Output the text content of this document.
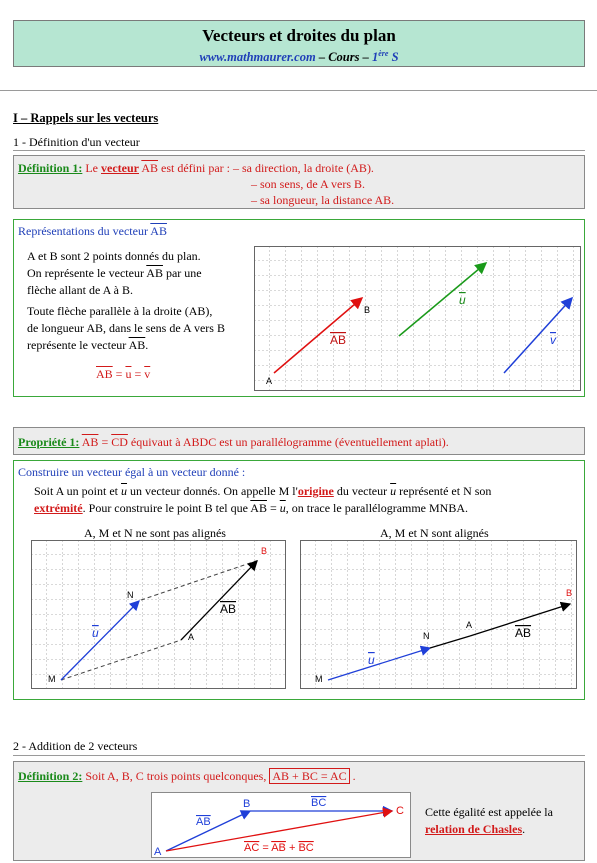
Vecteurs et droites du plan
www.mathmaurer.com – Cours – 1ère S
I – Rappels sur les vecteurs
1 - Définition d'un vecteur
Définition 1: Le vecteur $\overline{AB}$ est défini par : – sa direction, la droite (AB).
– son sens, de A vers B.
– sa longueur, la distance AB.
Représentations du vecteur $\overline{AB}$
A et B sont 2 points donnés du plan.
On représente le vecteur $\overline{AB}$ par une
flèche allant de A à B.
Toute flèche parallèle à la droite (AB),
de longueur AB, dans le sens de A vers B
représente le vecteur $\overline{AB}$.
$\overline{AB} = \overline{u} = \overline{v}$	A
B
AB
u
v
Propriété 1: $\overline{AB} = \overline{CD}$ équivaut à ABDC est un parallélogramme (éventuellement aplati).
Construire un vecteur égal à un vecteur donné :
Soit A un point et $\overline{u}$ un vecteur donnés. On appelle M l'origine du vecteur $\overline{u}$ représenté et N son
extrémité. Pour construire le point B tel que $\overline{AB} = \overline{u}$, on trace le parallélogramme MNBA.
A, M et N ne sont pas alignés	A, M et N sont alignés
M
N
A
B
u
AB
M
N
A
B
u
AB
2 - Addition de 2 vecteurs
Définition 2: Soit A, B, C trois points quelconques, $\overline{AB} + \overline{BC} = \overline{AC}$ .
A
B
C
AB
BC
AC = AB + BC
Cette égalité est appelée la
relation de Chasles.
